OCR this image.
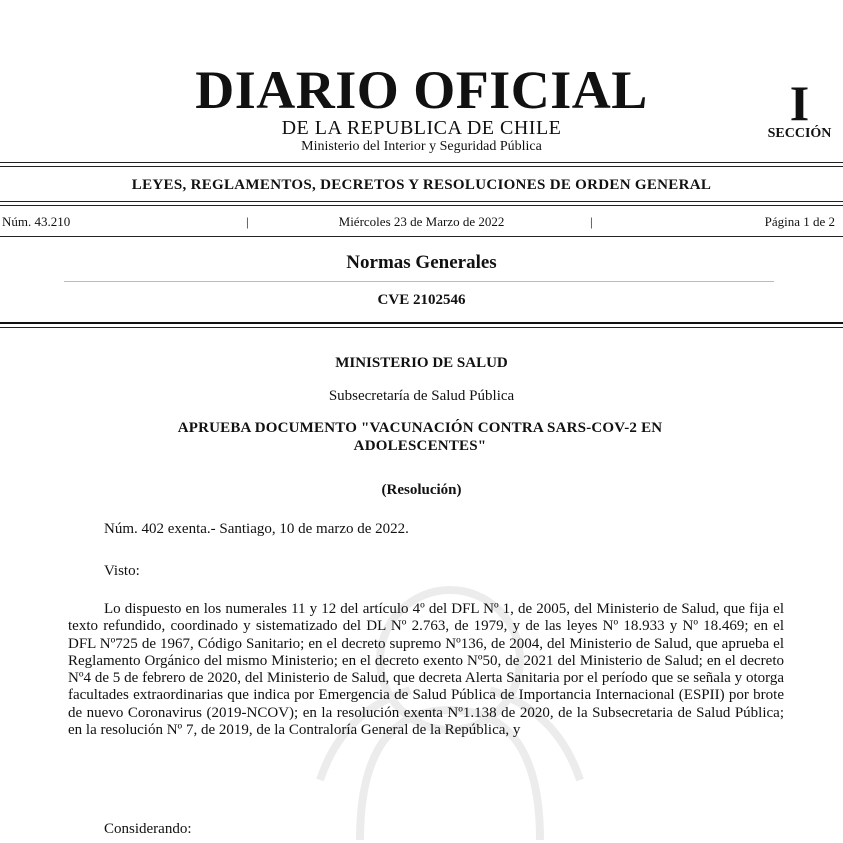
DIARIO OFICIAL
DE LA REPUBLICA DE CHILE
Ministerio del Interior y Seguridad Pública
I
SECCIÓN
LEYES, REGLAMENTOS, DECRETOS Y RESOLUCIONES DE ORDEN GENERAL
Miércoles 23 de Marzo de 2022
Núm. 43.210	|	|	Página 1 de 2
Normas Generales
CVE 2102546
MINISTERIO DE SALUD
Subsecretaría de Salud Pública
APRUEBA DOCUMENTO "VACUNACIÓN CONTRA SARS-COV-2 EN ADOLESCENTES"
(Resolución)
Núm. 402 exenta.- Santiago, 10 de marzo de 2022.
Visto:
Lo dispuesto en los numerales 11 y 12 del artículo 4º del DFL Nº 1, de 2005, del Ministerio de Salud, que fija el texto refundido, coordinado y sistematizado del DL Nº 2.763, de 1979, y de las leyes Nº 18.933 y Nº 18.469; en el DFL Nº725 de 1967, Código Sanitario; en el decreto supremo Nº136, de 2004, del Ministerio de Salud, que aprueba el Reglamento Orgánico del mismo Ministerio; en el decreto exento Nº50, de 2021 del Ministerio de Salud; en el decreto Nº4 de 5 de febrero de 2020, del Ministerio de Salud, que decreta Alerta Sanitaria por el período que se señala y otorga facultades extraordinarias que indica por Emergencia de Salud Pública de Importancia Internacional (ESPII) por brote de nuevo Coronavirus (2019-NCOV); en la resolución exenta Nº1.138 de 2020, de la Subsecretaria de Salud Pública; en la resolución Nº 7, de 2019, de la Contraloría General de la República, y
Considerando:
